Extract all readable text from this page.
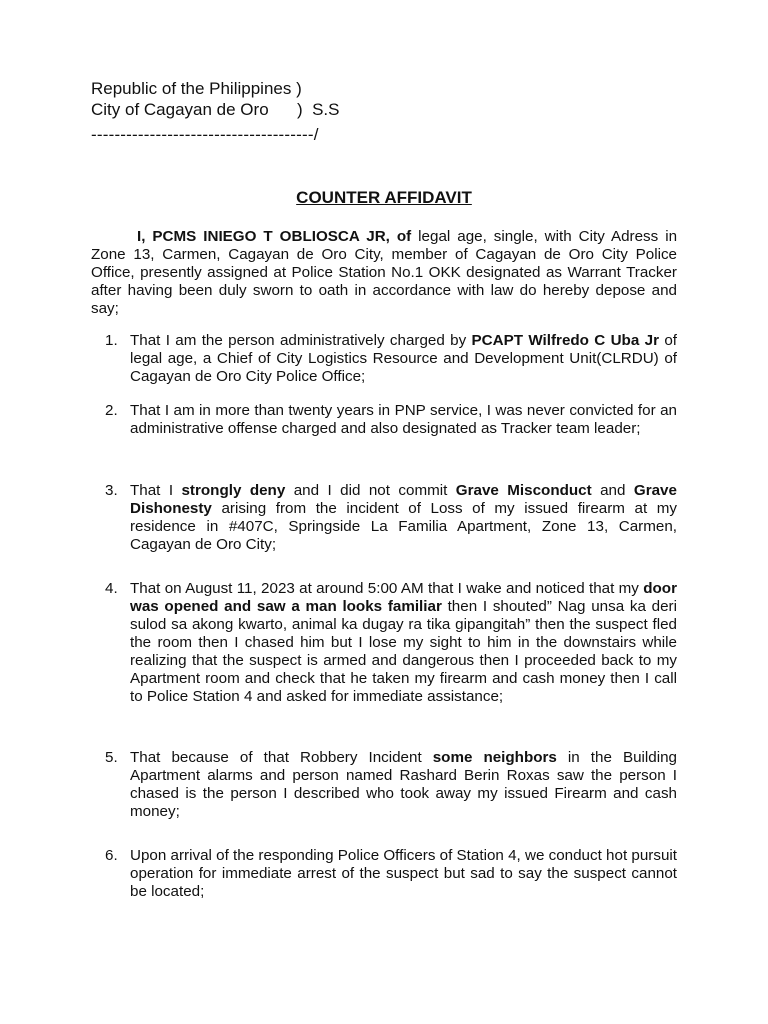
Republic of the Philippines )
City of Cagayan de Oro      )  S.S
--------------------------------------/
COUNTER AFFIDAVIT
I, PCMS INIEGO T OBLIOSCA JR, of legal age, single, with City Adress in Zone 13, Carmen, Cagayan de Oro City, member of Cagayan de Oro City Police Office, presently assigned at Police Station No.1 OKK designated as Warrant Tracker after having been duly sworn to oath in accordance with law do hereby depose and say;
1. That I am the person administratively charged by PCAPT Wilfredo C Uba Jr of legal age, a Chief of City Logistics Resource and Development Unit(CLRDU) of Cagayan de Oro City Police Office;
2. That I am in more than twenty years in PNP service, I was never convicted for an administrative offense charged and also designated as Tracker team leader;
3. That I strongly deny and I did not commit Grave Misconduct and Grave Dishonesty arising from the incident of Loss of my issued firearm at my residence in #407C, Springside La Familia Apartment, Zone 13, Carmen, Cagayan de Oro City;
4. That on August 11, 2023 at around 5:00 AM that I wake and noticed that my door was opened and saw a man looks familiar then I shouted” Nag unsa ka deri sulod sa akong kwarto, animal ka dugay ra tika gipangitah” then the suspect fled the room then I chased him but I lose my sight to him in the downstairs while realizing that the suspect is armed and dangerous then I proceeded back to my Apartment room and check that he taken my firearm and cash money then I call to Police Station 4 and asked for immediate assistance;
5. That because of that Robbery Incident some neighbors in the Building Apartment alarms and person named Rashard Berin Roxas saw the person I chased is the person I described who took away my issued Firearm and cash money;
6. Upon arrival of the responding Police Officers of Station 4, we conduct hot pursuit operation for immediate arrest of the suspect but sad to say the suspect cannot be located;
